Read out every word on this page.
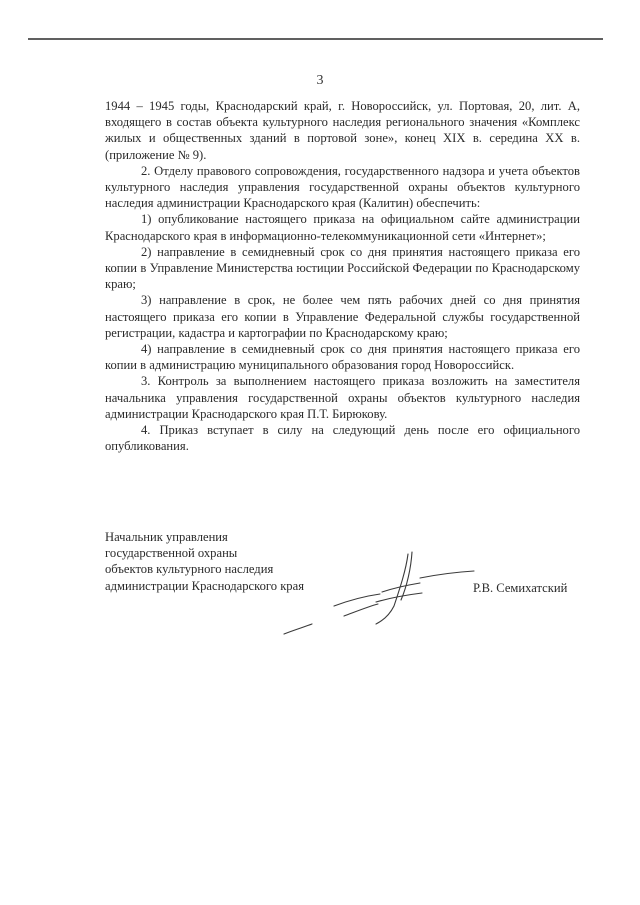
3

1944 – 1945 годы, Краснодарский край, г. Новороссийск, ул. Портовая, 20, лит. А, входящего в состав объекта культурного наследия регионального значения «Комплекс жилых и общественных зданий в портовой зоне», конец XIX в. середина XX в. (приложение № 9).

2. Отделу правового сопровождения, государственного надзора и учета объектов культурного наследия управления государственной охраны объектов культурного наследия администрации Краснодарского края (Калитин) обеспечить:

1) опубликование настоящего приказа на официальном сайте администрации Краснодарского края в информационно-телекоммуникационной сети «Интернет»;

2) направление в семидневный срок со дня принятия настоящего приказа его копии в Управление Министерства юстиции Российской Федерации по Краснодарскому краю;

3) направление в срок, не более чем пять рабочих дней со дня принятия настоящего приказа его копии в Управление Федеральной службы государственной регистрации, кадастра и картографии по Краснодарскому краю;

4) направление в семидневный срок со дня принятия настоящего приказа его копии в администрацию муниципального образования город Новороссийск.

3. Контроль за выполнением настоящего приказа возложить на заместителя начальника управления государственной охраны объектов культурного наследия администрации Краснодарского края П.Т. Бирюкову.

4. Приказ вступает в силу на следующий день после его официального опубликования.

Начальник управления
государственной охраны
объектов культурного наследия
администрации Краснодарского края	Р.В. Семихатский
